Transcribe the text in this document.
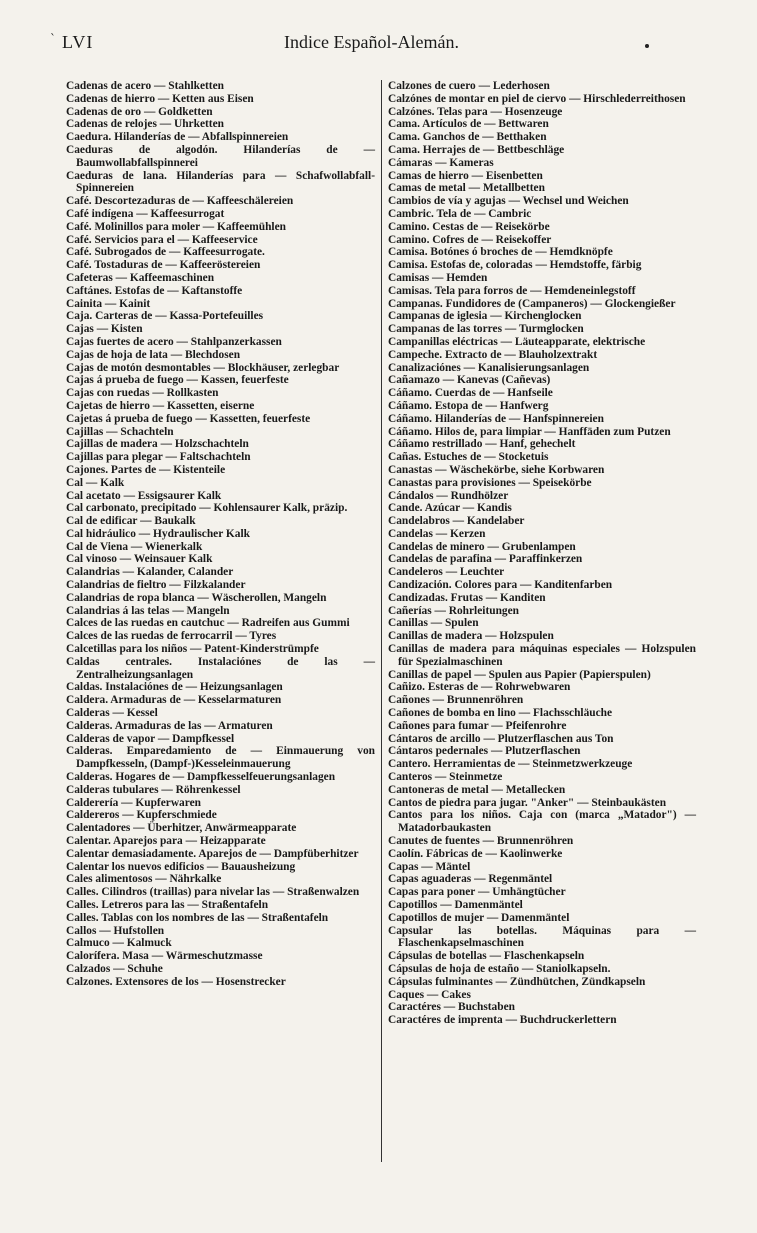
` LVI	Indice Español-Alemán.
Cadenas de acero — Stahlketten
Cadenas de hierro — Ketten aus Eisen
Cadenas de oro — Goldketten
Cadenas de relojes — Uhrketten
Caedura. Hilanderías de — Abfallspinnereien
Caeduras de algodón. Hilanderías de — Baumwollabfallspinnerei
Caeduras de lana. Hilanderías para — Schafwollabfall-Spinnereien
Café. Descortezaduras de — Kaffeeschälereien
Café indígena — Kaffeesurrogat
Café. Molinillos para moler — Kaffeemühlen
Café. Servicios para el — Kaffeeservice
Café. Subrogados de — Kaffeesurrogate.
Café. Tostaduras de — Kaffeeröstereien
Cafeteras — Kaffeemaschinen
Caftánes. Estofas de — Kaftanstoffe
Cainita — Kainit
Caja. Carteras de — Kassa-Portefeuilles
Cajas — Kisten
Cajas fuertes de acero — Stahlpanzerkassen
Cajas de hoja de lata — Blechdosen
Cajas de motón desmontables — Blockhäuser, zerlegbar
Cajas á prueba de fuego — Kassen, feuerfeste
Cajas con ruedas — Rollkasten
Cajetas de hierro — Kassetten, eiserne
Cajetas á prueba de fuego — Kassetten, feuerfeste
Cajillas — Schachteln
Cajillas de madera — Holzschachteln
Cajillas para plegar — Faltschachteln
Cajones. Partes de — Kistenteile
Cal — Kalk
Cal acetato — Essigsaurer Kalk
Cal carbonato, precipitado — Kohlensaurer Kalk, präzip.
Cal de edificar — Baukalk
Cal hidráulico — Hydraulischer Kalk
Cal de Viena — Wienerkalk
Cal vinoso — Weinsauer Kalk
Calandrias — Kalander, Calander
Calandrias de fieltro — Filzkalander
Calandrias de ropa blanca — Wäscherollen, Mangeln
Calandrias á las telas — Mangeln
Calces de las ruedas en cautchuc — Radreifen aus Gummi
Calces de las ruedas de ferrocarril — Tyres
Calcetillas para los niños — Patent-Kinderstrümpfe
Caldas centrales. Instalaciónes de las — Zentralheizungsanlagen
Caldas. Instalaciónes de — Heizungsanlagen
Caldera. Armaduras de — Kesselarmaturen
Calderas — Kessel
Calderas. Armaduras de las — Armaturen
Calderas de vapor — Dampfkessel
Calderas. Emparedamiento de — Einmauerung von Dampfkesseln, (Dampf-)Kesseleinmauerung
Calderas. Hogares de — Dampfkesselfeuerungsanlagen
Calderas tubulares — Röhrenkessel
Calderería — Kupferwaren
Caldereros — Kupferschmiede
Calentadores — Überhitzer, Anwärmeapparate
Calentar. Aparejos para — Heizapparate
Calentar demasiadamente. Aparejos de — Dampfüberhitzer
Calentar los nuevos edificios — Bauausheizung
Cales alimentosos — Nährkalke
Calles. Cilindros (traillas) para nivelar las — Straßenwalzen
Calles. Letreros para las — Straßentafeln
Calles. Tablas con los nombres de las — Straßentafeln
Callos — Hufstollen
Calmuco — Kalmuck
Calorífera. Masa — Wärmeschutzmasse
Calzados — Schuhe
Calzones. Extensores de los — Hosenstrecker
Calzones de cuero — Lederhosen
Calzónes de montar en piel de ciervo — Hirschlederreithosen
Calzónes. Telas para — Hosenzeuge
Cama. Artículos de — Bettwaren
Cama. Ganchos de — Betthaken
Cama. Herrajes de — Bettbeschläge
Cámaras — Kameras
Camas de hierro — Eisenbetten
Camas de metal — Metallbetten
Cambios de vía y agujas — Wechsel und Weichen
Cambric. Tela de — Cambric
Camino. Cestas de — Reisekörbe
Camino. Cofres de — Reisekoffer
Camisa. Botónes ó broches de — Hemdknöpfe
Camisa. Estofas de, coloradas — Hemdstoffe, färbig
Camisas — Hemden
Camisas. Tela para forros de — Hemdeneinlegstoff
Campanas. Fundidores de (Campaneros) — Glockengießer
Campanas de iglesia — Kirchenglocken
Campanas de las torres — Turmglocken
Campanillas eléctricas — Läuteapparate, elektrische
Campeche. Extracto de — Blauholzextrakt
Canalizaciónes — Kanalisierungsanlagen
Cañamazo — Kanevas (Cañevas)
Cáñamo. Cuerdas de — Hanfseile
Cáñamo. Estopa de — Hanfwerg
Cáñamo. Hilanderías de — Hanfspinnereien
Cáñamo. Hilos de, para limpiar — Hanffäden zum Putzen
Cáñamo restrillado — Hanf, gehechelt
Cañas. Estuches de — Stocketuis
Canastas — Wäschekörbe, siehe Korbwaren
Canastas para provisiones — Speisekörbe
Cándalos — Rundhölzer
Cande. Azúcar — Kandis
Candelabros — Kandelaber
Candelas — Kerzen
Candelas de minero — Grubenlampen
Candelas de parafina — Paraffinkerzen
Candeleros — Leuchter
Candización. Colores para — Kanditenfarben
Candizadas. Frutas — Kanditen
Cañerías — Rohrleitungen
Canillas — Spulen
Canillas de madera — Holzspulen
Canillas de madera para máquinas especiales — Holzspulen für Spezialmaschinen
Canillas de papel — Spulen aus Papier (Papierspulen)
Cañizo. Esteras de — Rohrwebwaren
Cañones — Brunnenröhren
Cañones de bomba en lino — Flachsschläuche
Cañones para fumar — Pfeifenrohre
Cántaros de arcillo — Plutzerflaschen aus Ton
Cántaros pedernales — Plutzerflaschen
Cantero. Herramientas de — Steinmetzwerkzeuge
Canteros — Steinmetze
Cantoneras de metal — Metallecken
Cantos de piedra para jugar. "Anker" — Steinbaukästen
Cantos para los niños. Caja con (marca „Matador") — Matadorbaukasten
Canutes de fuentes — Brunnenröhren
Caolín. Fábricas de — Kaolinwerke
Capas — Mäntel
Capas aguaderas — Regenmäntel
Capas para poner — Umhängtücher
Capotillos — Damenmäntel
Capotillos de mujer — Damenmäntel
Capsular las botellas. Máquinas para — Flaschenkapselmaschinen
Cápsulas de botellas — Flaschenkapseln
Cápsulas de hoja de estaño — Staniolkapseln.
Cápsulas fulminantes — Zündhütchen, Zündkapseln
Caques — Cakes
Caractéres — Buchstaben
Caractéres de imprenta — Buchdruckerlettern
